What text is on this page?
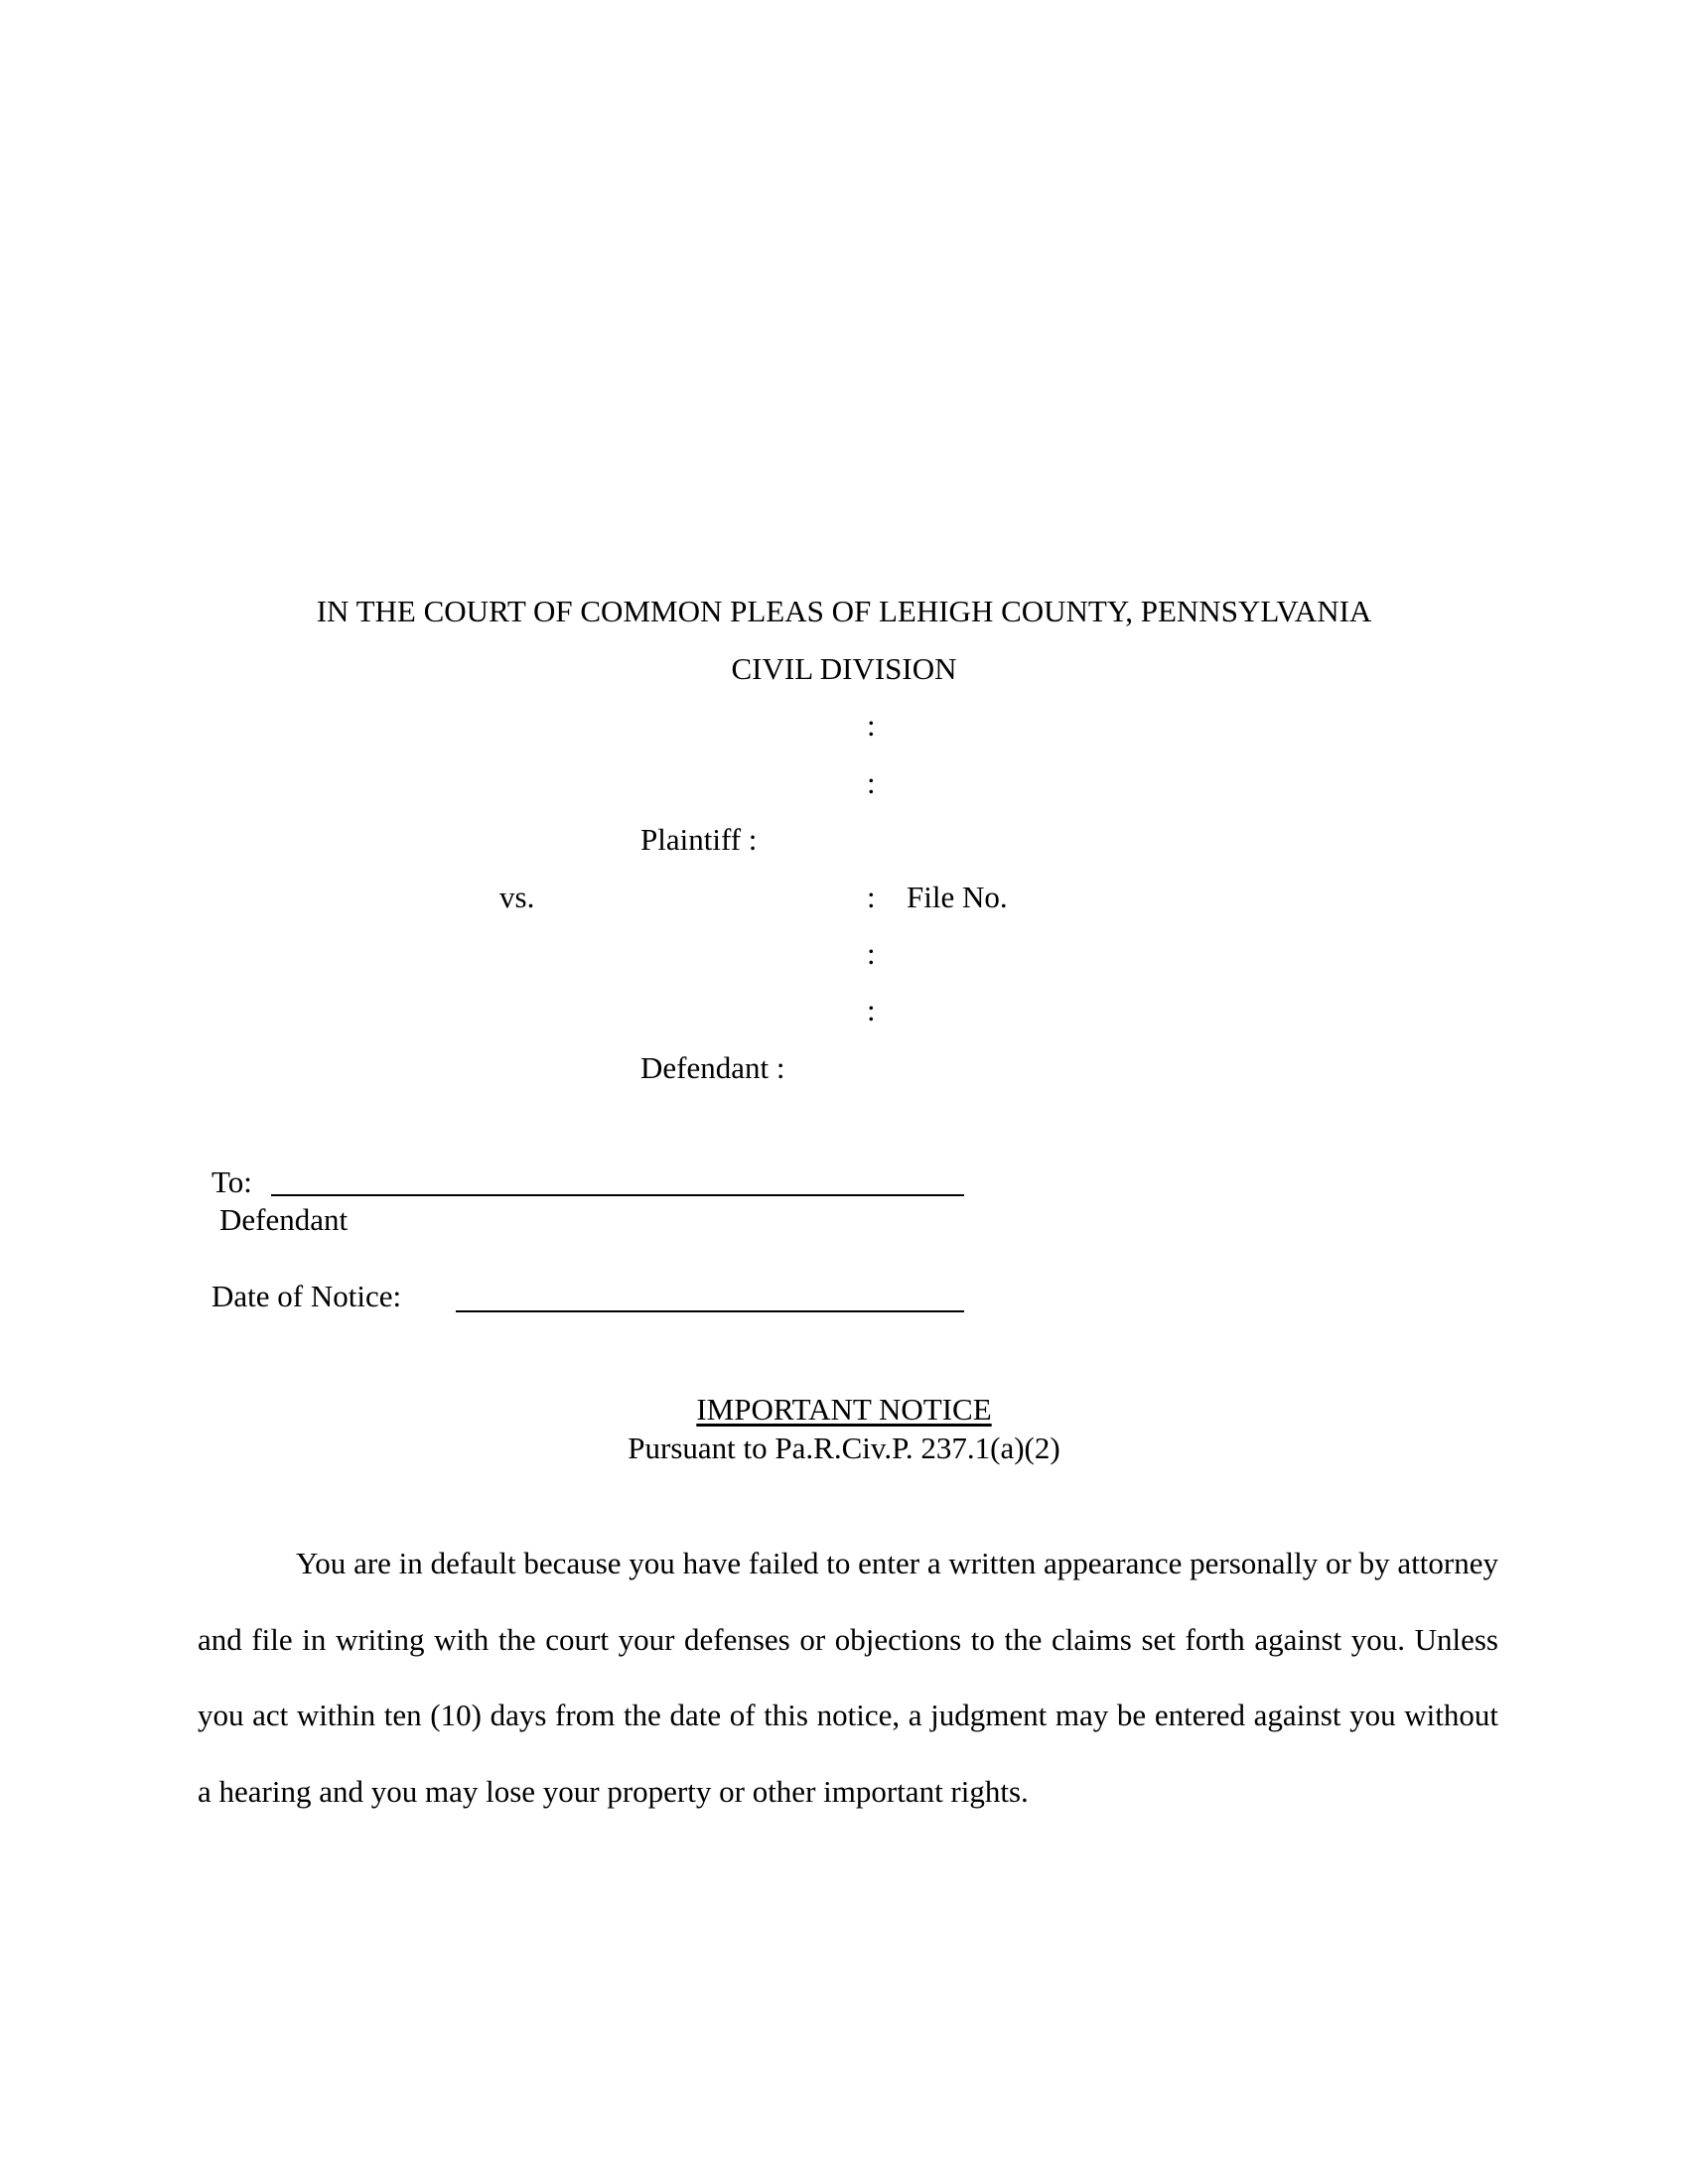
IN THE COURT OF COMMON PLEAS OF LEHIGH COUNTY, PENNSYLVANIA
CIVIL DIVISION
:
:
Plaintiff :
vs.	: File No.
:
:
Defendant :
To:
Defendant
Date of Notice:
IMPORTANT NOTICE
Pursuant to Pa.R.Civ.P. 237.1(a)(2)
You are in default because you have failed to enter a written appearance personally or by attorney and file in writing with the court your defenses or objections to the claims set forth against you. Unless you act within ten (10) days from the date of this notice, a judgment may be entered against you without a hearing and you may lose your property or other important rights.
